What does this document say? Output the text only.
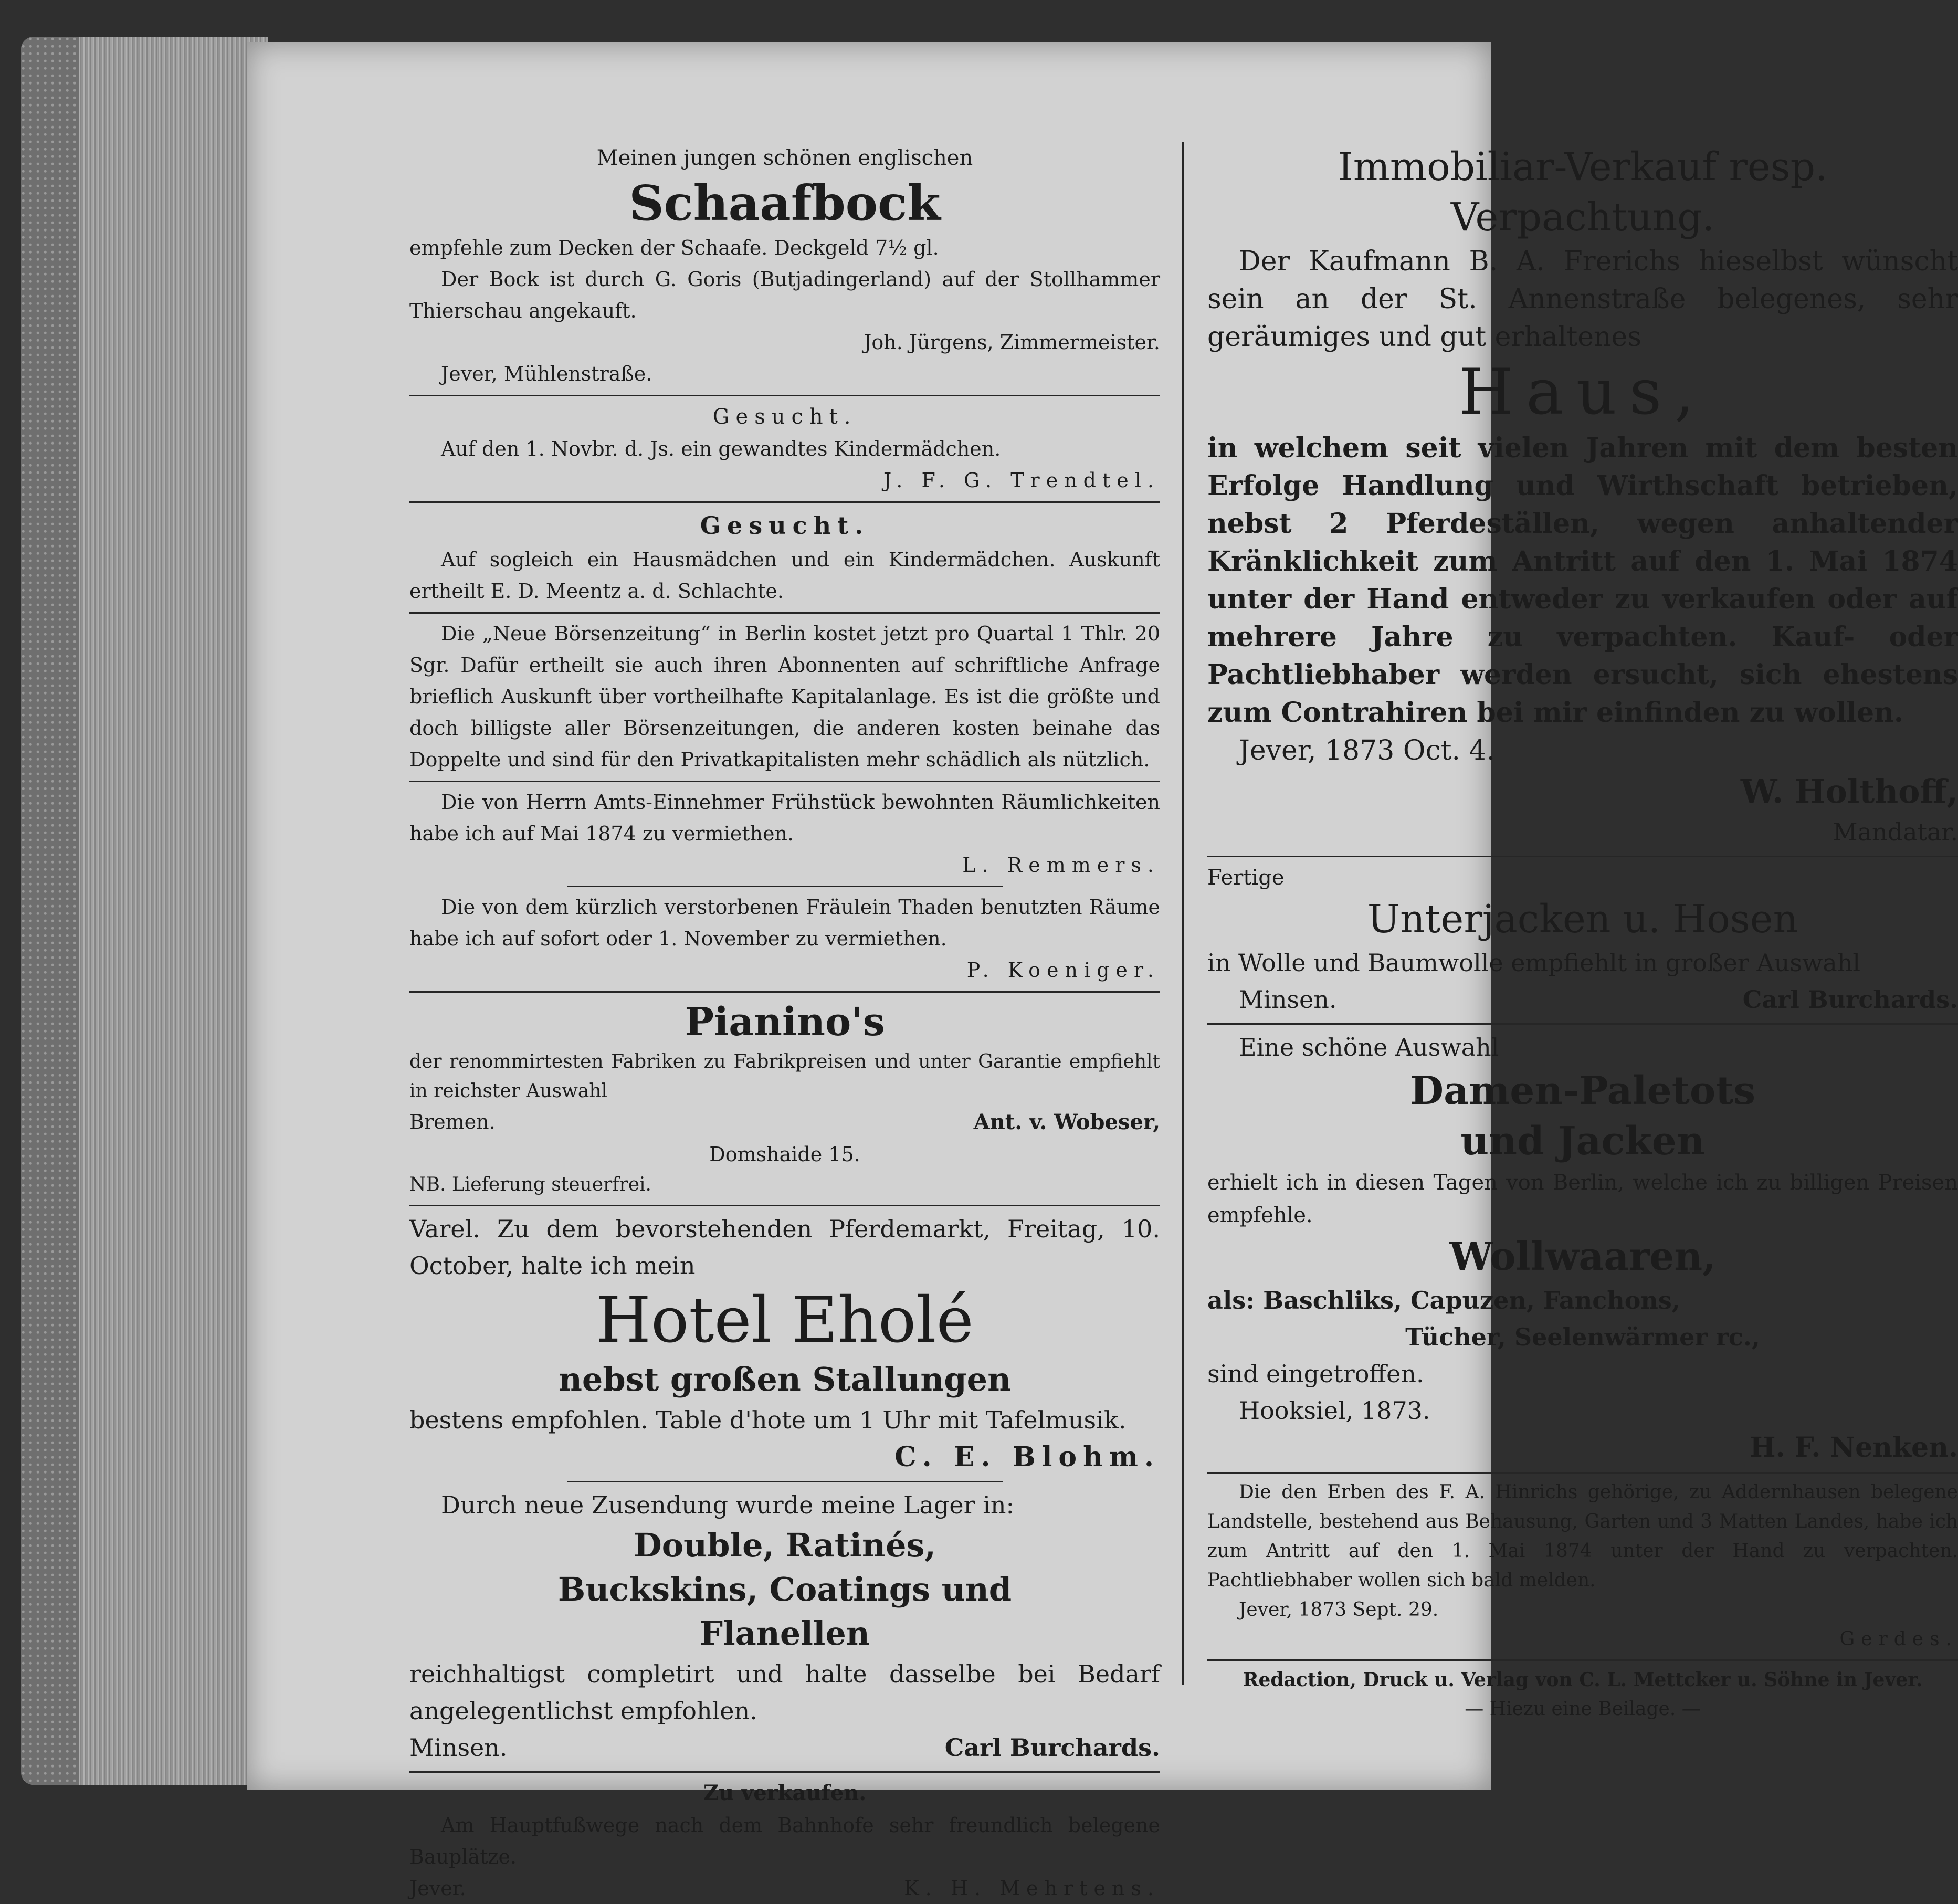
Meinen jungen schönen englischen

Schaafbock

empfehle zum Decken der Schaafe. Deckgeld 7½ gl.

Der Bock ist durch G. Goris (Butjadingerland) auf der Stollhammer Thierschau angekauft.

Joh. Jürgens, Zimmermeister.

Jever, Mühlenstraße.

Gesucht.

Auf den 1. Novbr. d. Js. ein gewandtes Kindermädchen.

J. F. G. Trendtel.

Gesucht.

Auf sogleich ein Hausmädchen und ein Kindermädchen. Auskunft ertheilt E. D. Meentz a. d. Schlachte.

Die „Neue Börsenzeitung“ in Berlin kostet jetzt pro Quartal 1 Thlr. 20 Sgr. Dafür ertheilt sie auch ihren Abonnenten auf schriftliche Anfrage brieflich Auskunft über vortheilhafte Kapitalanlage. Es ist die größte und doch billigste aller Börsenzeitungen, die anderen kosten beinahe das Doppelte und sind für den Privatkapitalisten mehr schädlich als nützlich.

Die von Herrn Amts-Einnehmer Frühstück bewohnten Räumlichkeiten habe ich auf Mai 1874 zu vermiethen.

L. Remmers.

Die von dem kürzlich verstorbenen Fräulein Thaden benutzten Räume habe ich auf sofort oder 1. November zu vermiethen.

P. Koeniger.

Pianino's

der renommirtesten Fabriken zu Fabrikpreisen und unter Garantie empfiehlt in reichster Auswahl

Bremen.	Ant. v. Wobeser,

Domshaide 15.

NB. Lieferung steuerfrei.

Varel. Zu dem bevorstehenden Pferdemarkt, Freitag, 10. October, halte ich mein

Hotel Eholé

nebst großen Stallungen

bestens empfohlen. Table d'hote um 1 Uhr mit Tafelmusik.

C. E. Blohm.

Durch neue Zusendung wurde meine Lager in:

Double, Ratinés,

Buckskins, Coatings und

Flanellen

reichhaltigst completirt und halte dasselbe bei Bedarf angelegentlichst empfohlen.

Minsen.	Carl Burchards.

Zu verkaufen.

Am Hauptfußwege nach dem Bahnhofe sehr freundlich belegene Bauplätze.

Jever.	K. H. Mehrtens.

Immobiliar-Verkauf resp.

Verpachtung.

Der Kaufmann B. A. Frerichs hieselbst wünscht sein an der St. Annenstraße belegenes, sehr geräumiges und gut erhaltenes

Haus,

in welchem seit vielen Jahren mit dem besten Erfolge Handlung und Wirthschaft betrieben, nebst 2 Pferdeställen, wegen anhaltender Kränklichkeit zum Antritt auf den 1. Mai 1874 unter der Hand entweder zu verkaufen oder auf mehrere Jahre zu verpachten. Kauf- oder Pachtliebhaber werden ersucht, sich ehestens zum Contrahiren bei mir einfinden zu wollen.

Jever, 1873 Oct. 4.

W. Holthoff,

Mandatar.

Fertige

Unterjacken u. Hosen

in Wolle und Baumwolle empfiehlt in großer Auswahl

Minsen.	Carl Burchards.

Eine schöne Auswahl

Damen-Paletots

und Jacken

erhielt ich in diesen Tagen von Berlin, welche ich zu billigen Preisen empfehle.

Wollwaaren,

als: Baschliks, Capuzen, Fanchons,

Tücher, Seelenwärmer rc.,

sind eingetroffen.

Hooksiel, 1873.

H. F. Nenken.

Die den Erben des F. A. Hinrichs gehörige, zu Addernhausen belegene Landstelle, bestehend aus Behausung, Garten und 3 Matten Landes, habe ich zum Antritt auf den 1. Mai 1874 unter der Hand zu verpachten. Pachtliebhaber wollen sich bald melden.

Jever, 1873 Sept. 29.

Gerdes.

Redaction, Druck u. Verlag von C. L. Mettcker u. Söhne in Jever.

— Hiezu eine Beilage. —
